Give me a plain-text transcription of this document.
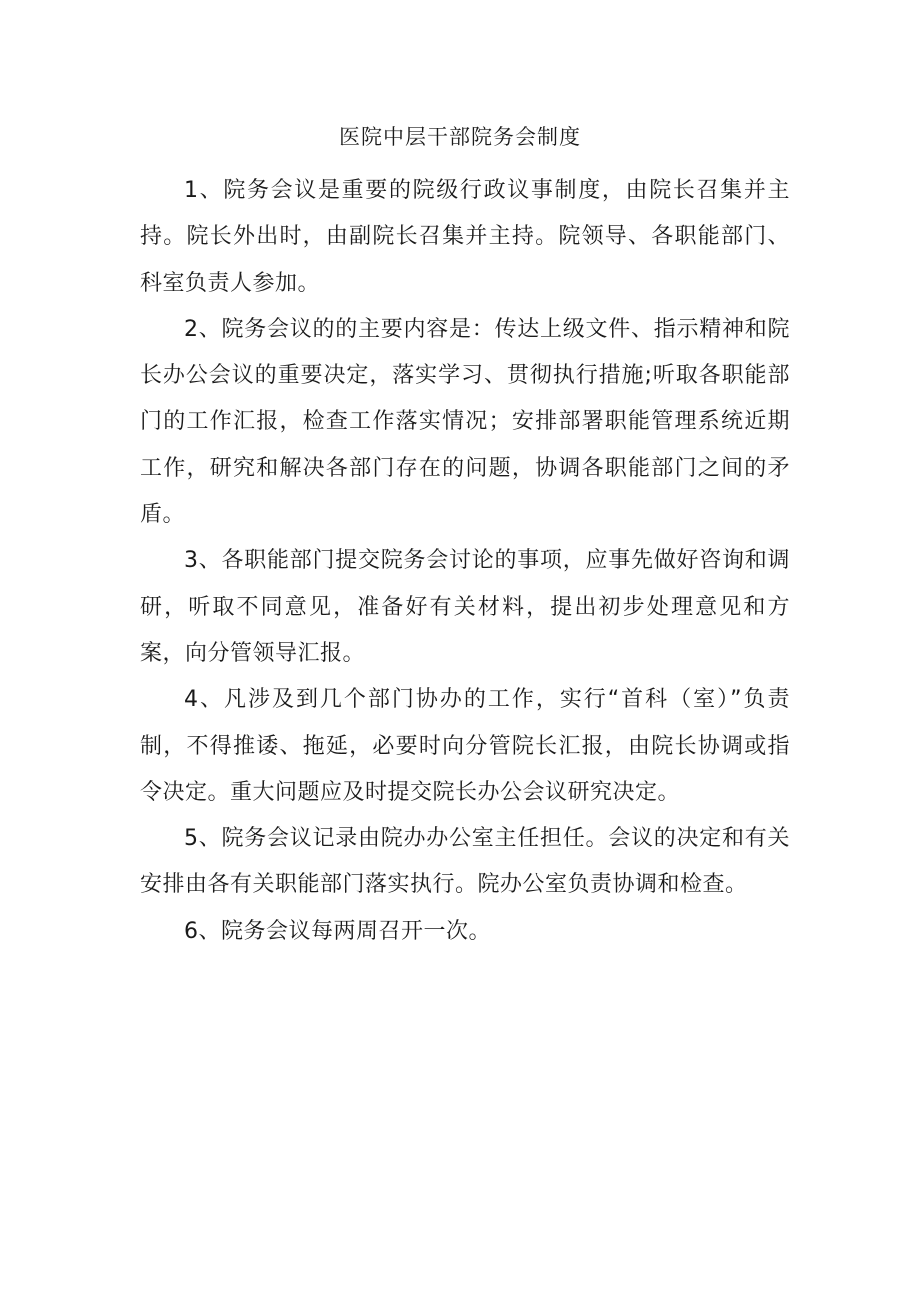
医院中层干部院务会制度

1、院务会议是重要的院级行政议事制度，由院长召集并主持。院长外出时，由副院长召集并主持。院领导、各职能部门、科室负责人参加。

2、院务会议的的主要内容是：传达上级文件、指示精神和院长办公会议的重要决定，落实学习、贯彻执行措施;听取各职能部门的工作汇报，检查工作落实情况；安排部署职能管理系统近期工作，研究和解决各部门存在的问题，协调各职能部门之间的矛盾。

3、各职能部门提交院务会讨论的事项，应事先做好咨询和调研，听取不同意见，准备好有关材料，提出初步处理意见和方案，向分管领导汇报。

4、凡涉及到几个部门协办的工作，实行“首科（室）”负责制，不得推诿、拖延，必要时向分管院长汇报，由院长协调或指令决定。重大问题应及时提交院长办公会议研究决定。

5、院务会议记录由院办办公室主任担任。会议的决定和有关安排由各有关职能部门落实执行。院办公室负责协调和检查。

6、院务会议每两周召开一次。
